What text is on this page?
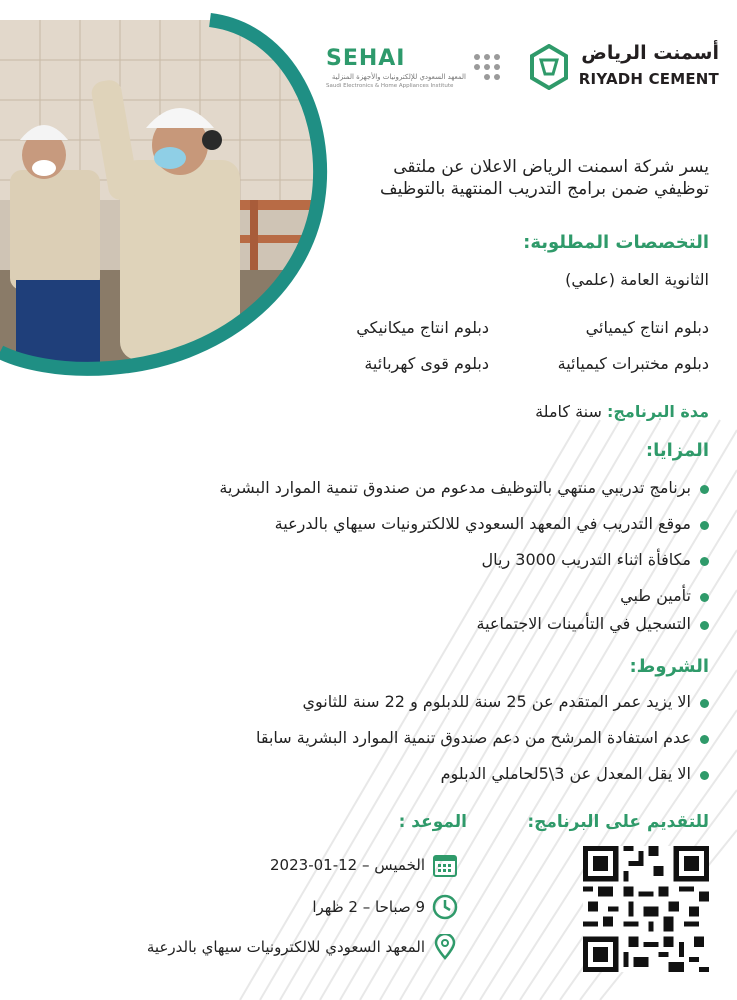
أسمنت الرياض
RIYADH CEMENT
SEHAI
المعهد السعودي للإلكترونيات والأجهزة المنزلية
Saudi Electronics & Home Appliances Institute
يسر شركة اسمنت الرياض الاعلان عن ملتقى
توظيفي ضمن برامج التدريب المنتهية بالتوظيف
التخصصات المطلوبة:
الثانوية العامة (علمي)
دبلوم انتاج كيميائي
دبلوم انتاج ميكانيكي
دبلوم مختبرات كيميائية
دبلوم قوى كهربائية
مدة البرنامج: سنة كاملة
المزايا:
برنامج تدريبي منتهي بالتوظيف مدعوم من صندوق تنمية الموارد البشرية
موقع التدريب في المعهد السعودي للالكترونيات سيهاي بالدرعية
مكافأة اثناء التدريب 3000 ريال
تأمين طبي
التسجيل في التأمينات الاجتماعية
الشروط:
الا يزيد عمر المتقدم عن 25 سنة للدبلوم و 22 سنة للثانوي
عدم استفادة المرشح من دعم صندوق تنمية الموارد البشرية سابقا
الا يقل المعدل عن 3\5لحاملي الدبلوم
للتقديم على البرنامج:
الموعد :
الخميس – 12-01-2023
9 صباحا – 2 ظهرا
المعهد السعودي للالكترونيات سيهاي بالدرعية
